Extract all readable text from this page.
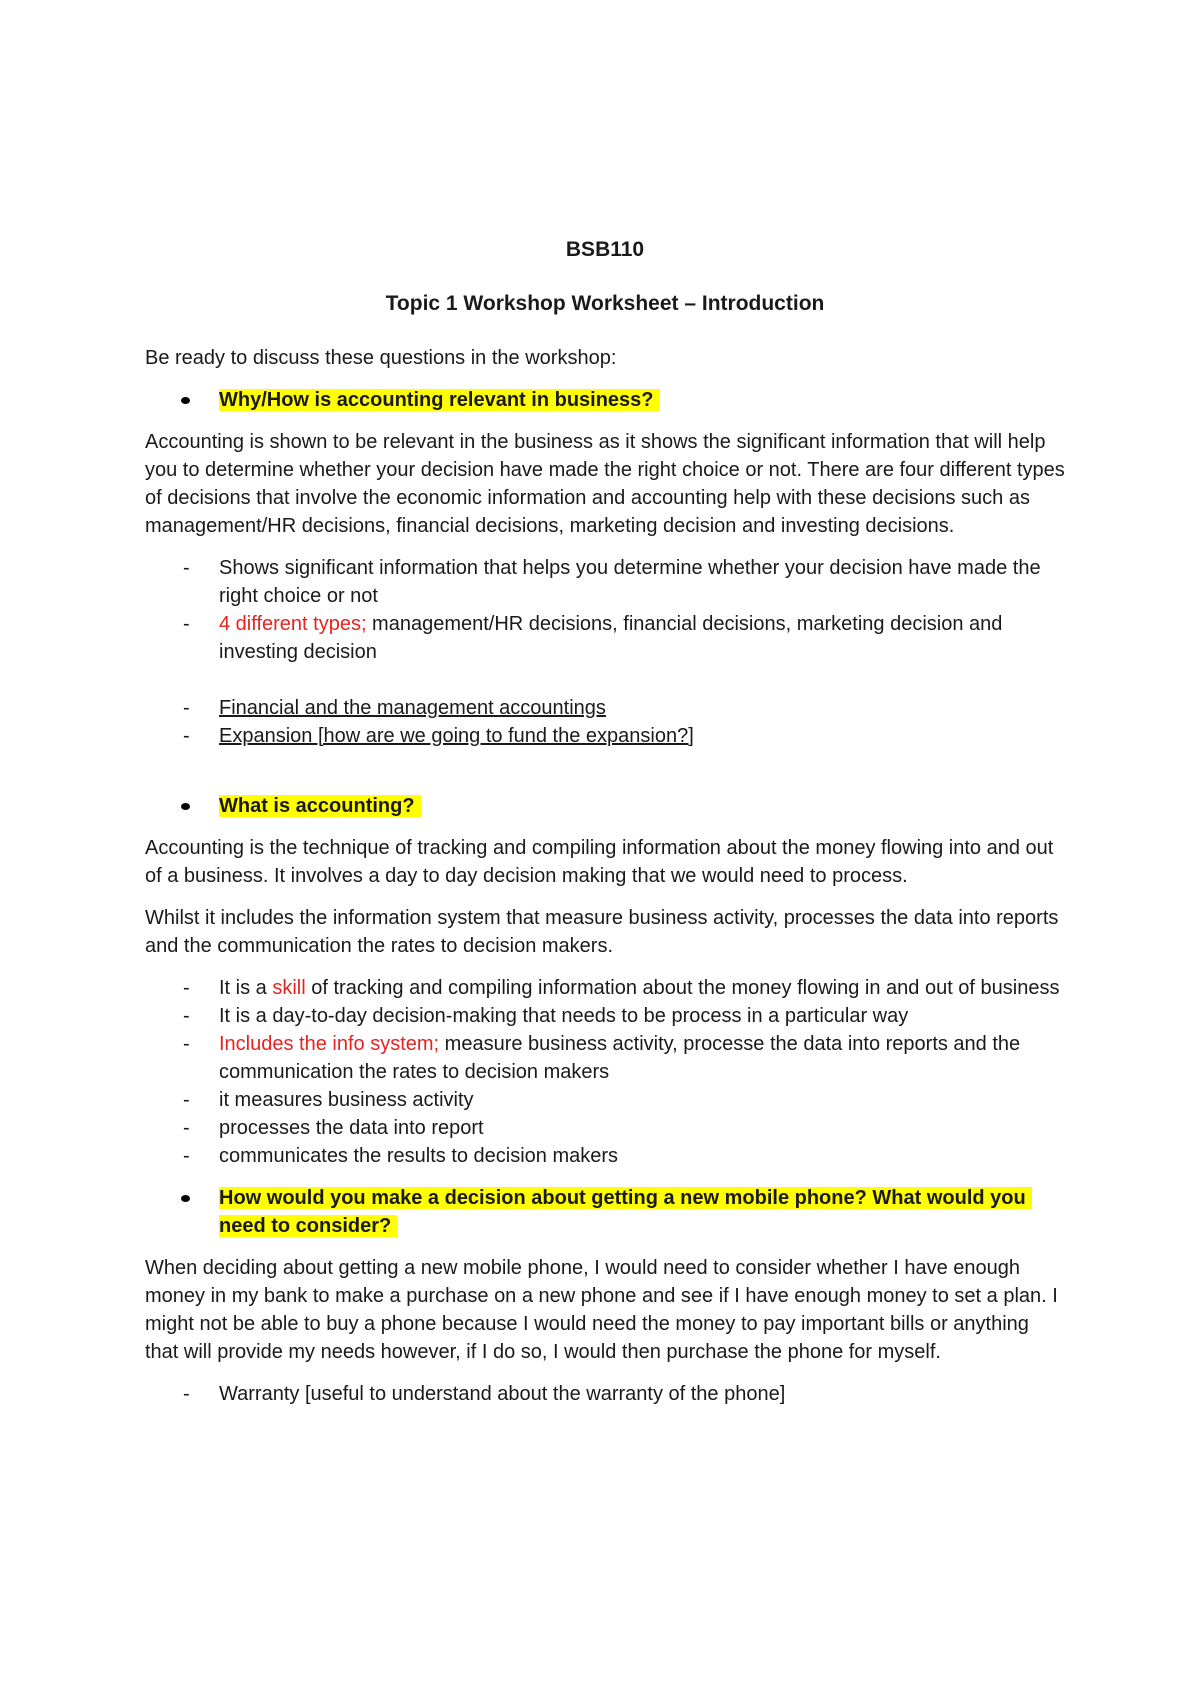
BSB110
Topic 1 Workshop Worksheet – Introduction

Be ready to discuss these questions in the workshop:

Why/How is accounting relevant in business?

Accounting is shown to be relevant in the business as it shows the significant information that will help you to determine whether your decision have made the right choice or not. There are four different types of decisions that involve the economic information and accounting help with these decisions such as management/HR decisions, financial decisions, marketing decision and investing decisions.

- Shows significant information that helps you determine whether your decision have made the right choice or not
- 4 different types; management/HR decisions, financial decisions, marketing decision and investing decision
- Financial and the management accountings
- Expansion [how are we going to fund the expansion?]
What is accounting?

Accounting is the technique of tracking and compiling information about the money flowing into and out of a business. It involves a day to day decision making that we would need to process.

Whilst it includes the information system that measure business activity, processes the data into reports and the communication the rates to decision makers.

- It is a skill of tracking and compiling information about the money flowing in and out of business
- It is a day-to-day decision-making that needs to be process in a particular way
- Includes the info system; measure business activity, processe the data into reports and the communication the rates to decision makers
- it measures business activity
- processes the data into report
- communicates the results to decision makers
How would you make a decision about getting a new mobile phone? What would you need to consider?

When deciding about getting a new mobile phone, I would need to consider whether I have enough money in my bank to make a purchase on a new phone and see if I have enough money to set a plan. I might not be able to buy a phone because I would need the money to pay important bills or anything that will provide my needs however, if I do so, I would then purchase the phone for myself.

- Warranty [useful to understand about the warranty of the phone]
